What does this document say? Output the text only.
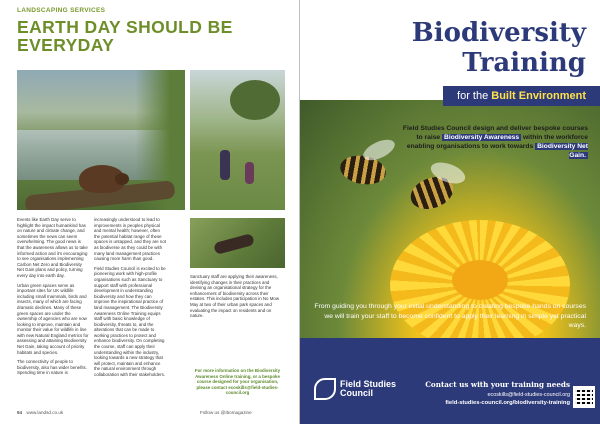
LANDSCAPING SERVICES
EARTH DAY SHOULD BE EVERYDAY

Events like Earth Day serve to highlight the impact humankind has on nature and climate change, and sometimes the news can seem overwhelming. The good news is that the awareness allows us to take informed action and it's encouraging to see organisations implementing Carbon Net Zero and Biodiversity Net Gain plans and policy, turning every day into earth day.

Urban green spaces serve as important sites for UK wildlife including small mammals, birds and insects, many of which are facing dramatic declines. Many of these green spaces are under the ownership of agencies who are now looking to improve, maintain and monitor their value for wildlife in line with new Natural England metrics for assessing and attaining Biodiversity Net Gain, taking account of priority habitats and species.

The connectivity of people to biodiversity, also has wider benefits. Spending time in nature is

increasingly understood to lead to improvements in peoples physical and mental health; however, often the potential habitat range of these spaces is untapped, and they are not as biodiverse as they could be with many land management practices causing more harm than good.

Field Studies Council is excited to be pioneering work with high-profile organisations such as Sanctuary to support staff with professional development in understanding biodiversity and how they can improve the inspirational practice of land management. The Biodiversity Awareness Online Training equips staff with basic knowledge of biodiversity, threats to, and the alterations that can be made to working practices to protect and enhance biodiversity. On completing the course, staff can apply their understanding within the industry, looking towards a new strategy that will protect, maintain and enhance the natural environment through collaboration with their stakeholders.

Sanctuary staff are applying their awareness, identifying changes in their practices and devising an organisational strategy for the enhancement of biodiversity across their estates. This includes participation in No Mow May at two of their urban park spaces and evaluating the impact on residents and on nature.

For more information on the Biodiversity Awareness Online training, or a bespoke course designed for your organisation, please contact ecoskills@field-studies-council.org
94 www.landsd.co.uk	Follow us @Ibomagazine
Biodiversity Training
for the Built Environment
Field Studies Council design and deliver bespoke courses to raise Biodiversity Awareness within the workforce enabling organisations to work towards Biodiversity Net Gain.
From guiding you through your initial understanding to creating bespoke hands on courses we will train your staff to become confident to apply their learning in simple yet practical ways.
Field Studies
Council
Contact us with your training needs
ecoskills@field-studies-council.org
field-studies-council.org/biodiversity-training
